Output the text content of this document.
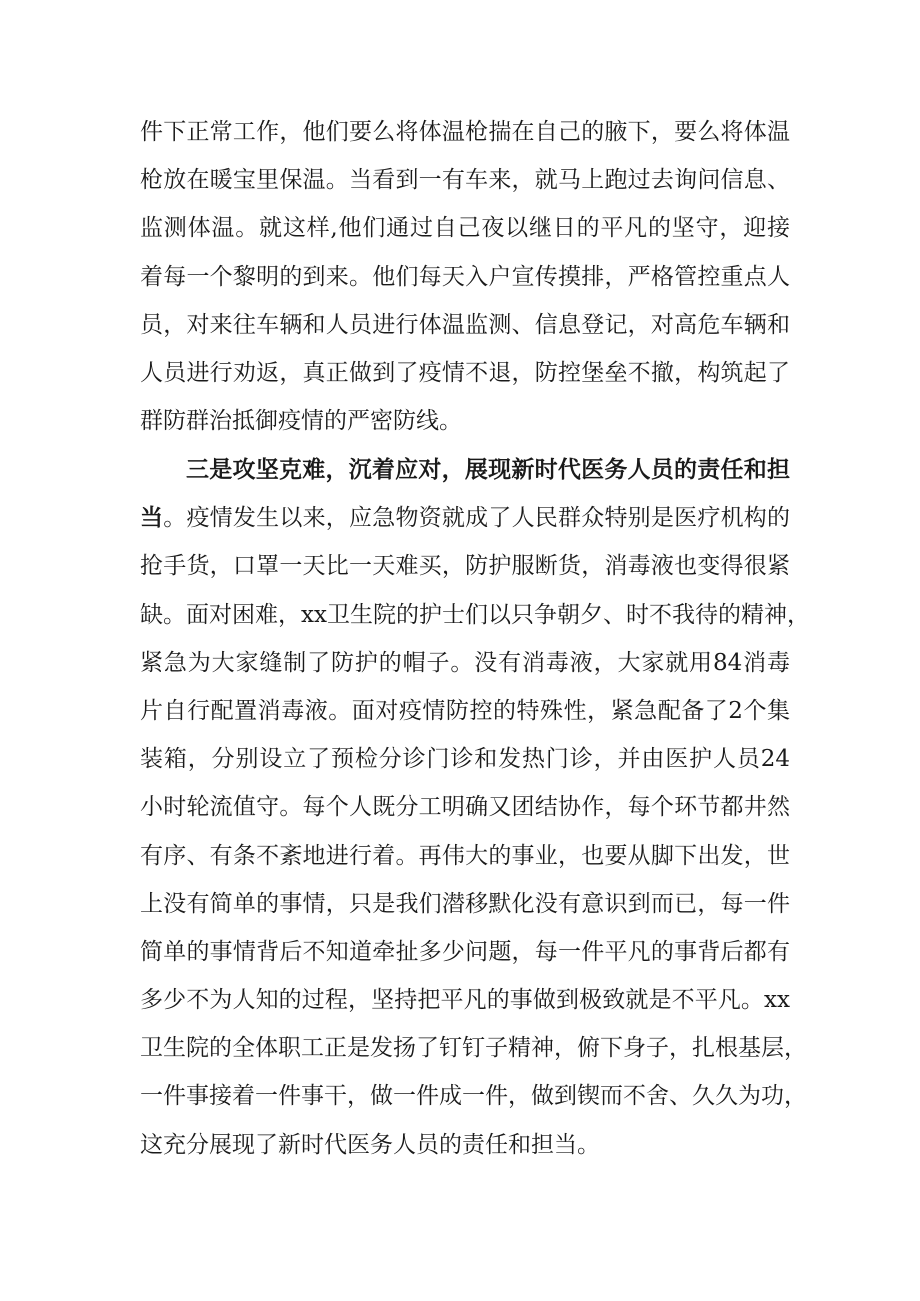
件下正常工作，他们要么将体温枪揣在自己的腋下，要么将体温
枪放在暖宝里保温。当看到一有车来，就马上跑过去询问信息、
监测体温。就这样,他们通过自己夜以继日的平凡的坚守，迎接
着每一个黎明的到来。他们每天入户宣传摸排，严格管控重点人
员，对来往车辆和人员进行体温监测、信息登记，对高危车辆和
人员进行劝返，真正做到了疫情不退，防控堡垒不撤，构筑起了
群防群治抵御疫情的严密防线。
三是攻坚克难，沉着应对，展现新时代医务人员的责任和担
当。疫情发生以来，应急物资就成了人民群众特别是医疗机构的
抢手货，口罩一天比一天难买，防护服断货，消毒液也变得很紧
缺。面对困难，xx卫生院的护士们以只争朝夕、时不我待的精神，
紧急为大家缝制了防护的帽子。没有消毒液，大家就用84消毒
片自行配置消毒液。面对疫情防控的特殊性，紧急配备了2个集
装箱，分别设立了预检分诊门诊和发热门诊，并由医护人员24
小时轮流值守。每个人既分工明确又团结协作，每个环节都井然
有序、有条不紊地进行着。再伟大的事业，也要从脚下出发，世
上没有简单的事情，只是我们潜移默化没有意识到而已，每一件
简单的事情背后不知道牵扯多少问题，每一件平凡的事背后都有
多少不为人知的过程，坚持把平凡的事做到极致就是不平凡。xx
卫生院的全体职工正是发扬了钉钉子精神，俯下身子，扎根基层，
一件事接着一件事干，做一件成一件，做到锲而不舍、久久为功，
这充分展现了新时代医务人员的责任和担当。
